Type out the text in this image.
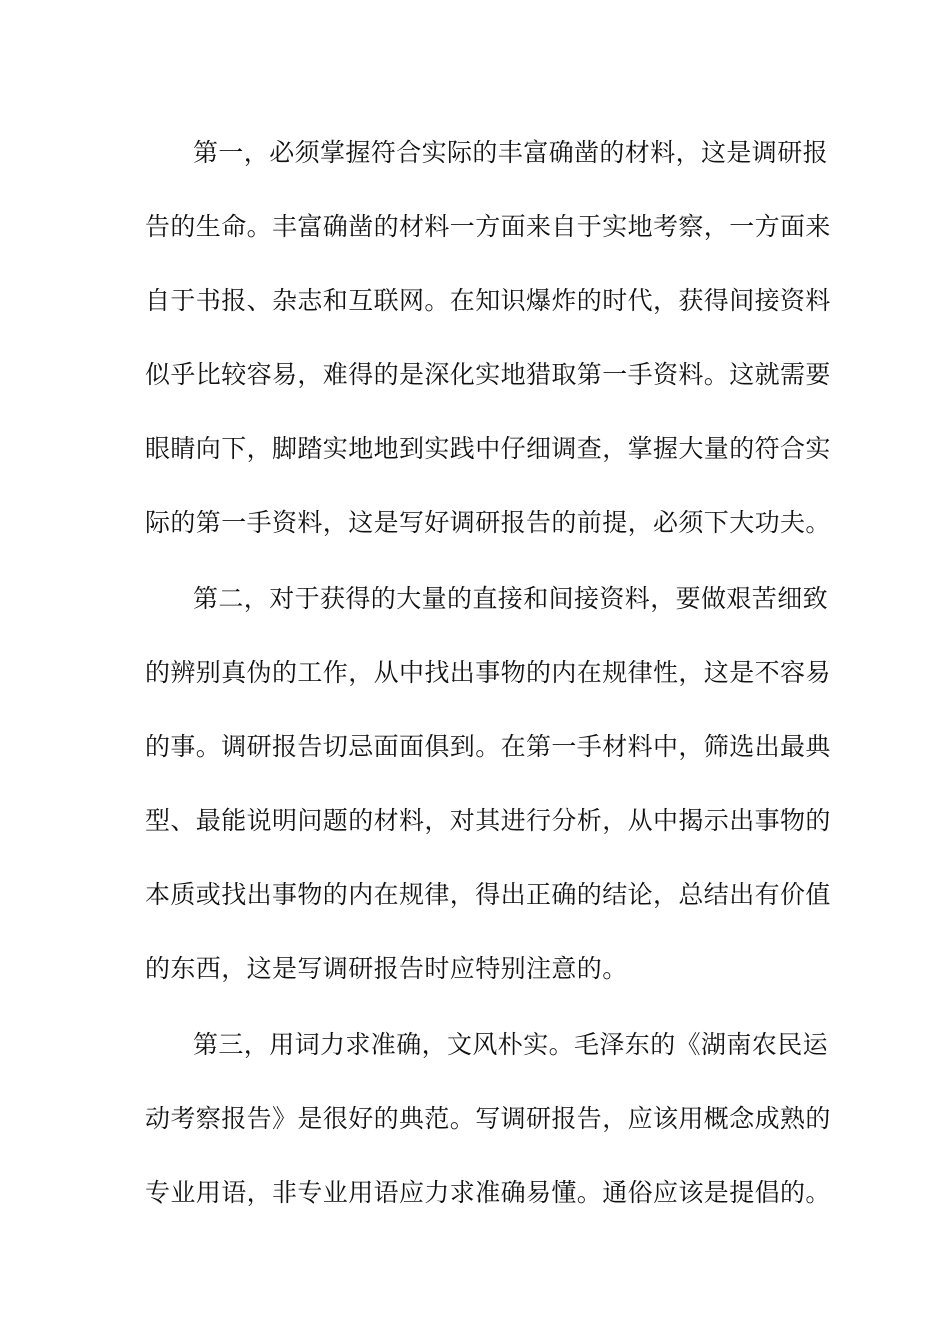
第一，必须掌握符合实际的丰富确凿的材料，这是调研报
告的生命。丰富确凿的材料一方面来自于实地考察，一方面来
自于书报、杂志和互联网。在知识爆炸的时代，获得间接资料
似乎比较容易，难得的是深化实地猎取第一手资料。这就需要
眼睛向下，脚踏实地地到实践中仔细调查，掌握大量的符合实
际的第一手资料，这是写好调研报告的前提，必须下大功夫。
第二，对于获得的大量的直接和间接资料，要做艰苦细致
的辨别真伪的工作，从中找出事物的内在规律性，这是不容易
的事。调研报告切忌面面俱到。在第一手材料中，筛选出最典
型、最能说明问题的材料，对其进行分析，从中揭示出事物的
本质或找出事物的内在规律，得出正确的结论，总结出有价值
的东西，这是写调研报告时应特别注意的。
第三，用词力求准确，文风朴实。毛泽东的《湖南农民运
动考察报告》是很好的典范。写调研报告，应该用概念成熟的
专业用语，非专业用语应力求准确易懂。通俗应该是提倡的。
